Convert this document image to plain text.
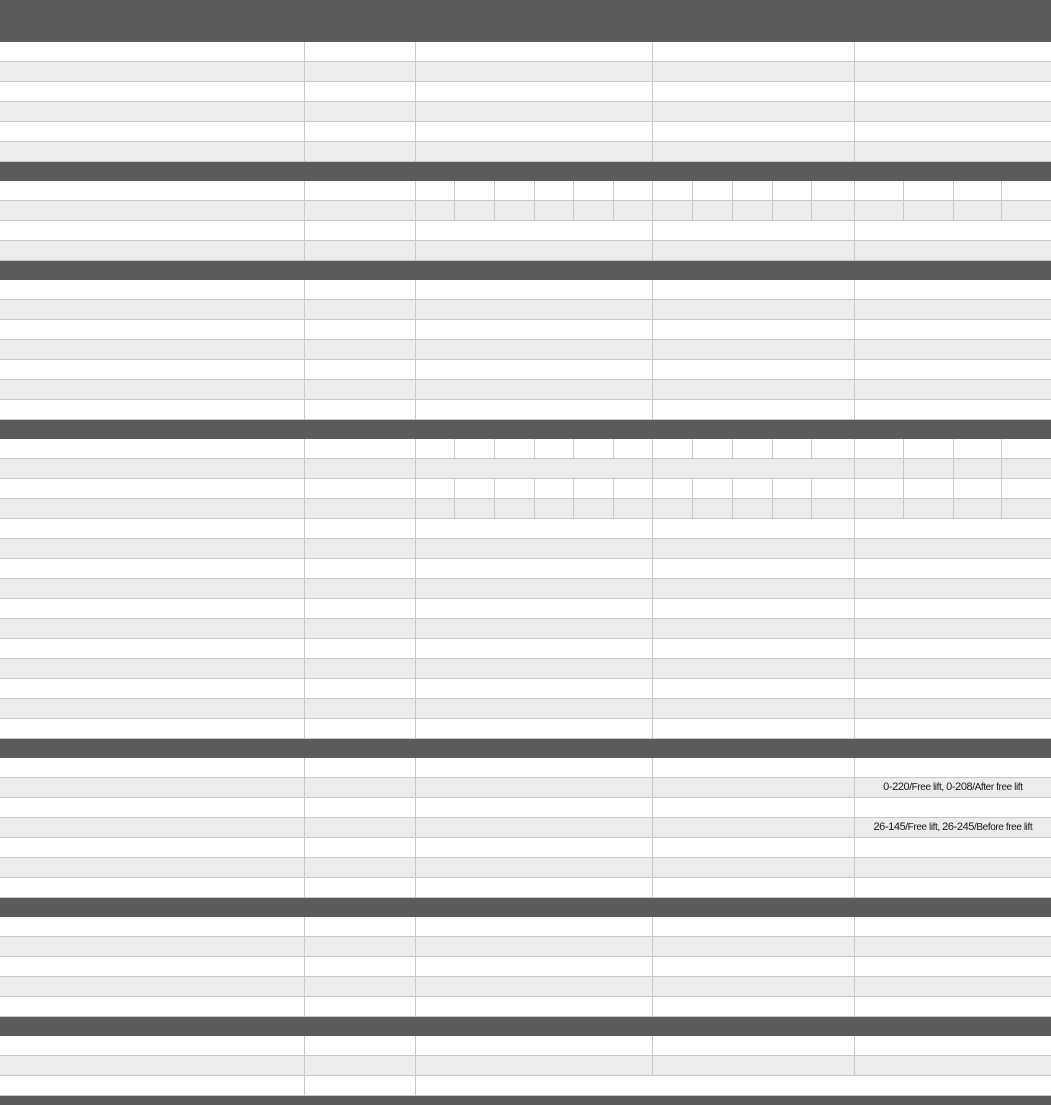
															0-220/Free lift, 0-208/After free lift			

															26-145/Free lift, 26-245/Before free lift			
